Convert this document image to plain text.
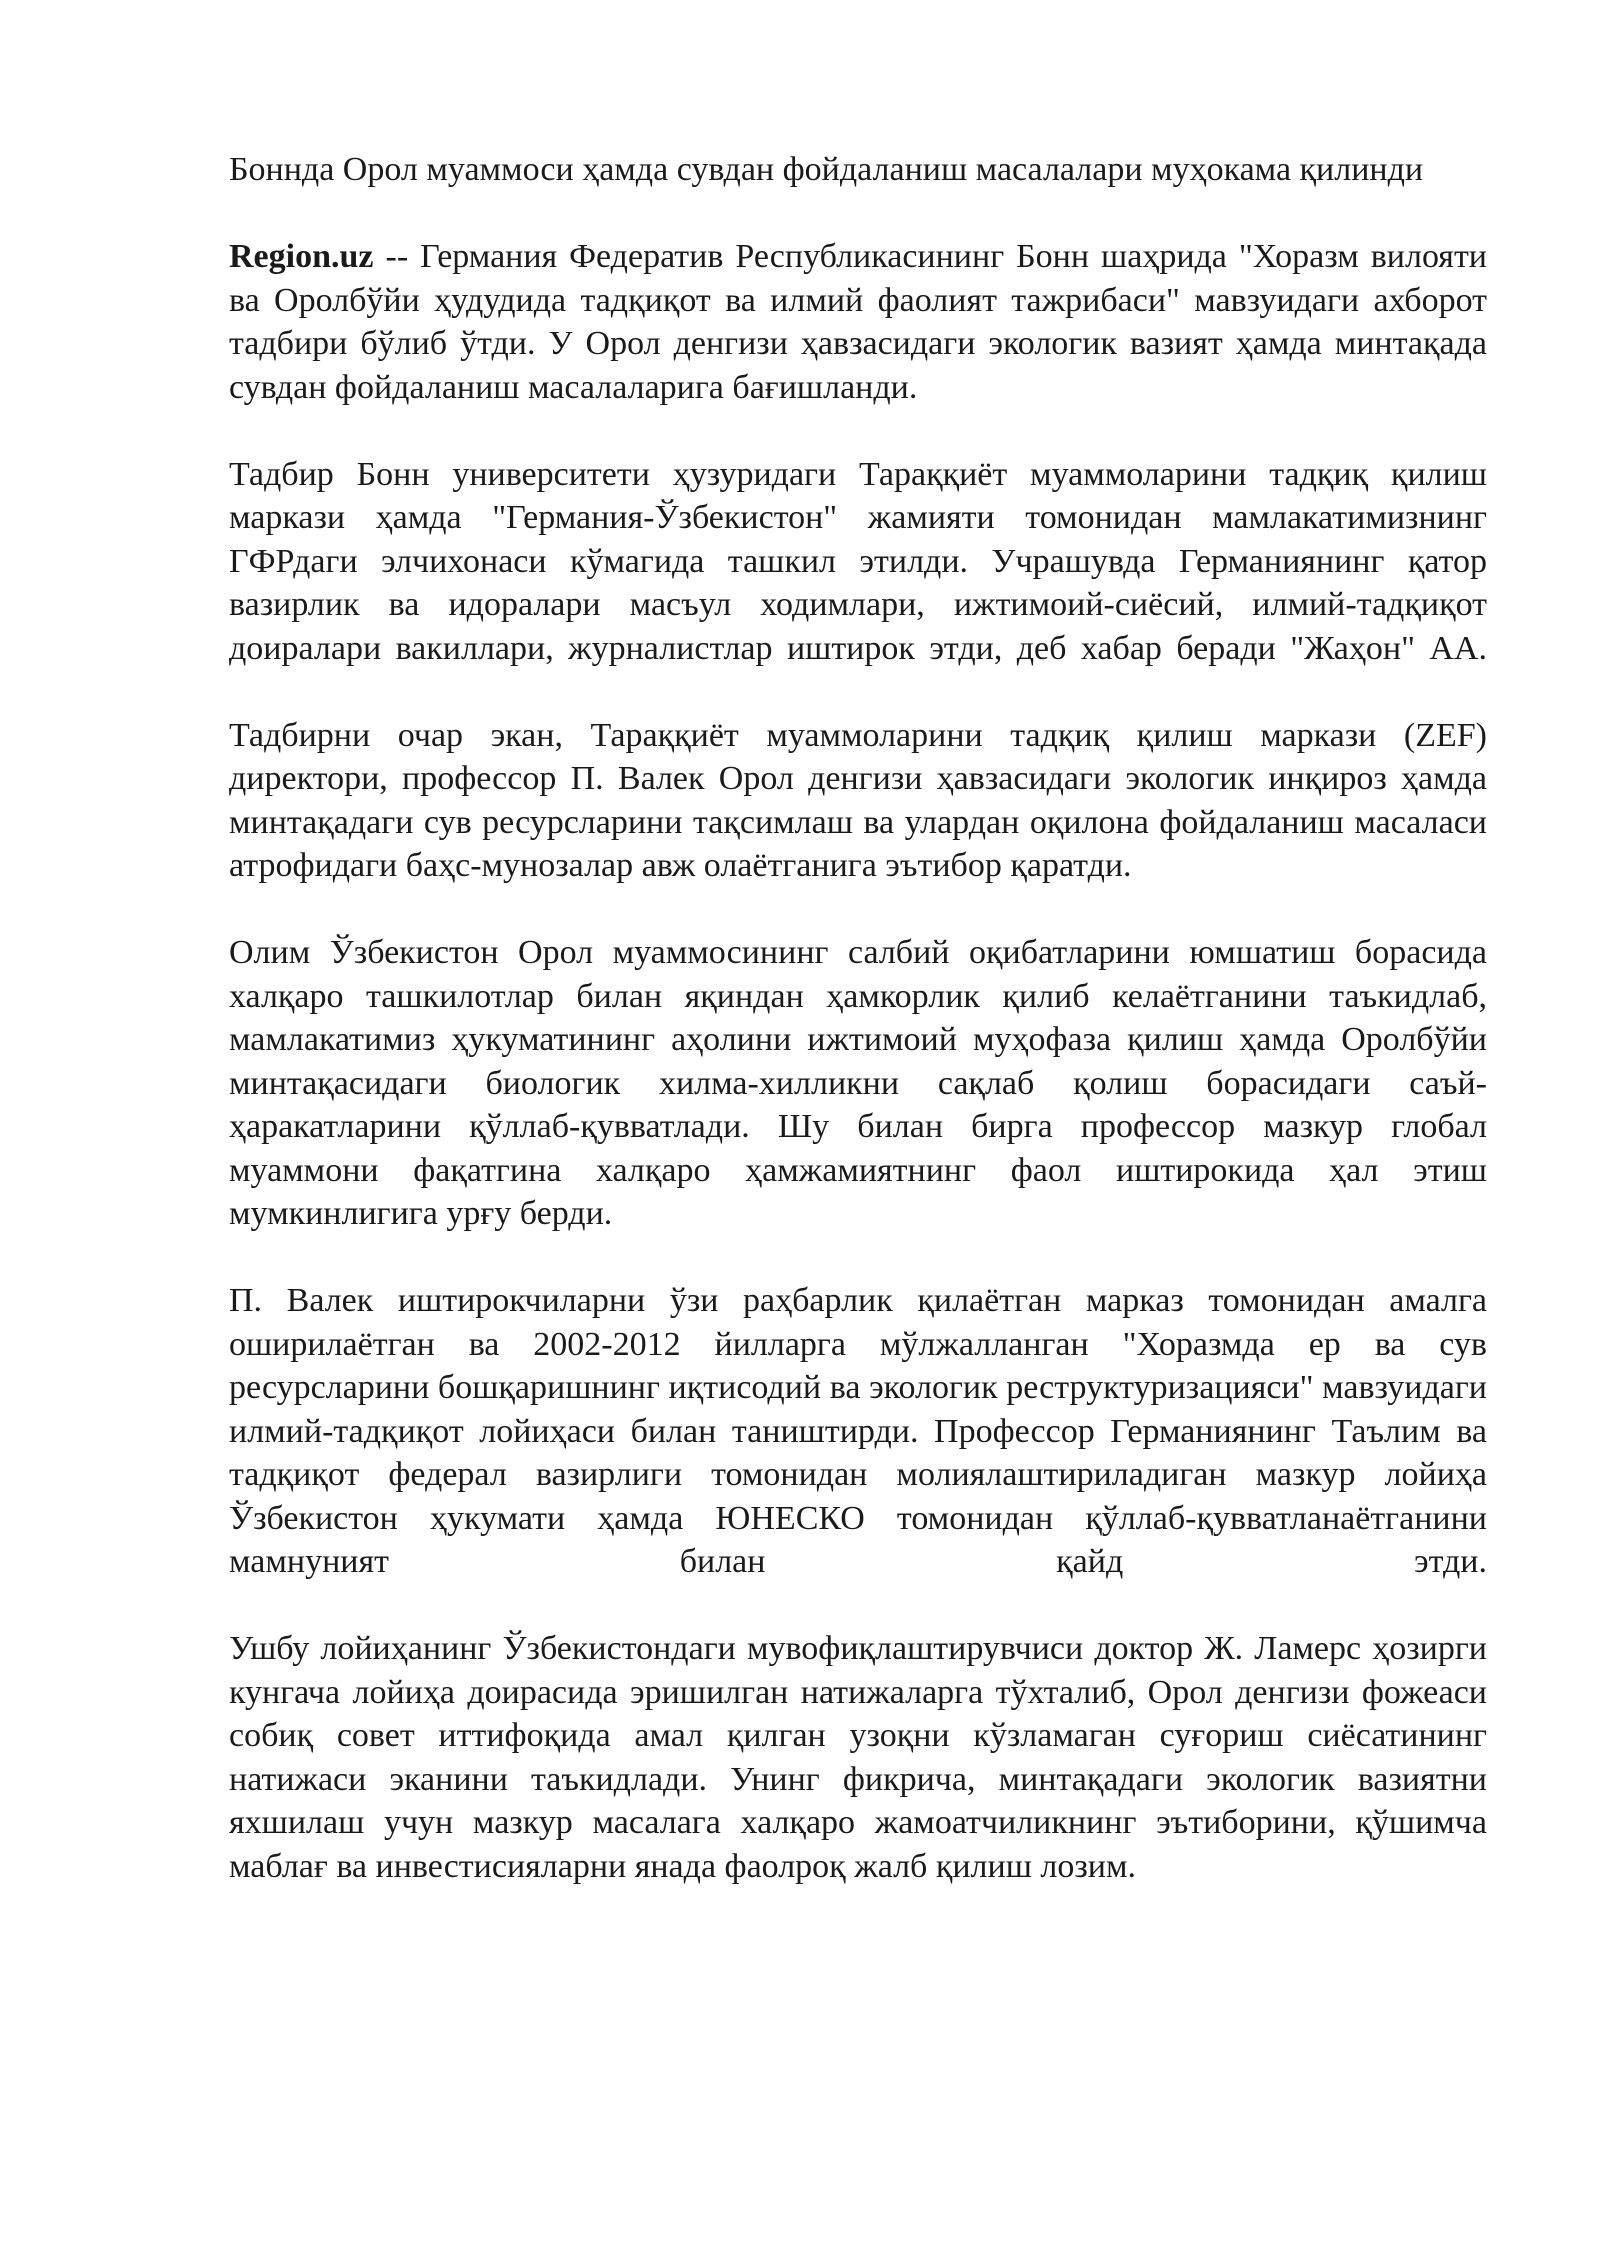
Боннда Орол муаммоси ҳамда сувдан фойдаланиш масалалари муҳокама қилинди

Region.uz -- Германия Федератив Республикасининг Бонн шаҳрида "Хоразм вилояти ва Оролбўйи ҳудудида тадқиқот ва илмий фаолият тажрибаси" мавзуидаги ахборот тадбири бўлиб ўтди. У Орол денгизи ҳавзасидаги экологик вазият ҳамда минтақада сувдан фойдаланиш масалаларига бағишланди.

Тадбир Бонн университети ҳузуридаги Тараққиёт муаммоларини тадқиқ қилиш маркази ҳамда "Германия-Ўзбекистон" жамияти томонидан мамлакатимизнинг ГФРдаги элчихонаси кўмагида ташкил этилди. Учрашувда Германиянинг қатор вазирлик ва идоралари масъул ходимлари, ижтимоий-сиёсий, илмий-тадқиқот доиралари вакиллари, журналистлар иштирок этди, деб хабар беради "Жаҳон" АА.

Тадбирни очар экан, Тараққиёт муаммоларини тадқиқ қилиш маркази (ZEF) директори, профессор П. Валек Орол денгизи ҳавзасидаги экологик инқироз ҳамда минтақадаги сув ресурсларини тақсимлаш ва улардан оқилона фойдаланиш масаласи атрофидаги баҳс-мунозалар авж олаётганига эътибор қаратди.

Олим Ўзбекистон Орол муаммосининг салбий оқибатларини юмшатиш борасида халқаро ташкилотлар билан яқиндан ҳамкорлик қилиб келаётганини таъкидлаб, мамлакатимиз ҳукуматининг аҳолини ижтимоий муҳофаза қилиш ҳамда Оролбўйи минтақасидаги биологик хилма-хилликни сақлаб қолиш борасидаги саъй-ҳаракатларини қўллаб-қувватлади. Шу билан бирга профессор мазкур глобал муаммони фақатгина халқаро ҳамжамиятнинг фаол иштирокида ҳал этиш мумкинлигига урғу берди.

П. Валек иштирокчиларни ўзи раҳбарлик қилаётган марказ томонидан амалга оширилаётган ва 2002-2012 йилларга мўлжалланган "Хоразмда ер ва сув ресурсларини бошқаришнинг иқтисодий ва экологик реструктуризацияси" мавзуидаги илмий-тадқиқот лойиҳаси билан таништирди. Профессор Германиянинг Таълим ва тадқиқот федерал вазирлиги томонидан молиялаштириладиган мазкур лойиҳа Ўзбекистон ҳукумати ҳамда ЮНЕСКО томонидан қўллаб-қувватланаётганини мамнуният билан қайд этди.

Ушбу лойиҳанинг Ўзбекистондаги мувофиқлаштирувчиси доктор Ж. Ламерс ҳозирги кунгача лойиҳа доирасида эришилган натижаларга тўхталиб, Орол денгизи фожеаси собиқ совет иттифоқида амал қилган узоқни кўзламаган суғориш сиёсатининг натижаси эканини таъкидлади. Унинг фикрича, минтақадаги экологик вазиятни яхшилаш учун мазкур масалага халқаро жамоатчиликнинг эътиборини, қўшимча маблағ ва инвестисияларни янада фаолроқ жалб қилиш лозим.
